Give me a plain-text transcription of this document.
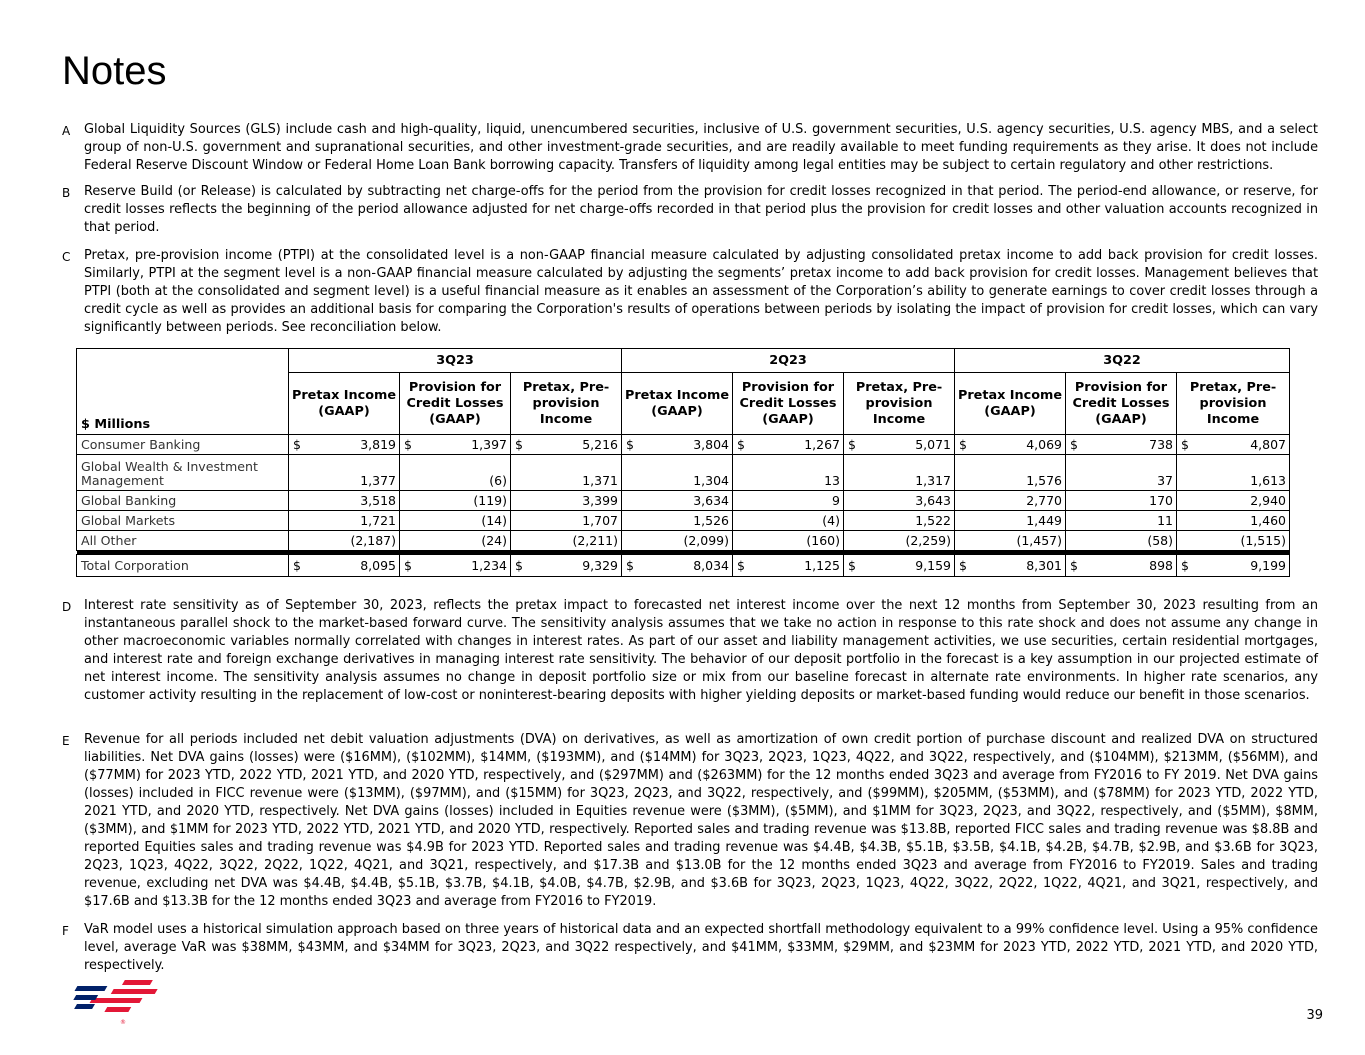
Notes
A	Global Liquidity Sources (GLS) include cash and high-quality, liquid, unencumbered securities, inclusive of U.S. government securities, U.S. agency securities, U.S. agency MBS, and a select group of non-U.S. government and supranational securities, and other investment-grade securities, and are readily available to meet funding requirements as they arise. It does not include Federal Reserve Discount Window or Federal Home Loan Bank borrowing capacity. Transfers of liquidity among legal entities may be subject to certain regulatory and other restrictions.
B	Reserve Build (or Release) is calculated by subtracting net charge-offs for the period from the provision for credit losses recognized in that period. The period-end allowance, or reserve, for credit losses reflects the beginning of the period allowance adjusted for net charge-offs recorded in that period plus the provision for credit losses and other valuation accounts recognized in that period.
C	Pretax, pre-provision income (PTPI) at the consolidated level is a non-GAAP financial measure calculated by adjusting consolidated pretax income to add back provision for credit losses. Similarly, PTPI at the segment level is a non-GAAP financial measure calculated by adjusting the segments’ pretax income to add back provision for credit losses. Management believes that PTPI (both at the consolidated and segment level) is a useful financial measure as it enables an assessment of the Corporation’s ability to generate earnings to cover credit losses through a credit cycle as well as provides an additional basis for comparing the Corporation's results of operations between periods by isolating the impact of provision for credit losses, which can vary significantly between periods. See reconciliation below.
$ Millions	3Q23			2Q23			3Q22		
	Pretax Income (GAAP)	Provision for Credit Losses (GAAP)	Pretax, Pre-provision Income	Pretax Income (GAAP)	Provision for Credit Losses (GAAP)	Pretax, Pre-provision Income	Pretax Income (GAAP)	Provision for Credit Losses (GAAP)	Pretax, Pre-provision Income
Consumer Banking	$ 3,819	$ 1,397	$ 5,216	$ 3,804	$ 1,267	$ 5,071	$ 4,069	$ 738	$ 4,807

Global Wealth & Investment Management	1,377	(6)	1,371	1,304	13	1,317	1,576	37	1,613

Global Banking	3,518	(119)	3,399	3,634	9	3,643	2,770	170	2,940

Global Markets	1,721	(14)	1,707	1,526	(4)	1,522	1,449	11	1,460

All Other	(2,187)	(24)	(2,211)	(2,099)	(160)	(2,259)	(1,457)	(58)	(1,515)

Total Corporation	$ 8,095	$ 1,234	$ 9,329	$ 8,034	$ 1,125	$ 9,159	$ 8,301	$ 898	$ 9,199
D Interest rate sensitivity as of September 30, 2023, reflects the pretax impact to forecasted net interest income over the next 12 months from September 30, 2023 resulting from an instantaneous parallel shock to the market-based forward curve. The sensitivity analysis assumes that we take no action in response to this rate shock and does not assume any change in other macroeconomic variables normally correlated with changes in interest rates. As part of our asset and liability management activities, we use securities, certain residential mortgages, and interest rate and foreign exchange derivatives in managing interest rate sensitivity. The behavior of our deposit portfolio in the forecast is a key assumption in our projected estimate of net interest income. The sensitivity analysis assumes no change in deposit portfolio size or mix from our baseline forecast in alternate rate environments. In higher rate scenarios, any customer activity resulting in the replacement of low-cost or noninterest-bearing deposits with higher yielding deposits or market-based funding would reduce our benefit in those scenarios.
E	Revenue for all periods included net debit valuation adjustments (DVA) on derivatives, as well as amortization of own credit portion of purchase discount and realized DVA on structured liabilities. Net DVA gains (losses) were ($16MM), ($102MM), $14MM, ($193MM), and ($14MM) for 3Q23, 2Q23, 1Q23, 4Q22, and 3Q22, respectively, and ($104MM), $213MM, ($56MM), and ($77MM) for 2023 YTD, 2022 YTD, 2021 YTD, and 2020 YTD, respectively, and ($297MM) and ($263MM) for the 12 months ended 3Q23 and average from FY2016 to FY 2019. Net DVA gains (losses) included in FICC revenue were ($13MM), ($97MM), and ($15MM) for 3Q23, 2Q23, and 3Q22, respectively, and ($99MM), $205MM, ($53MM), and ($78MM) for 2023 YTD, 2022 YTD, 2021 YTD, and 2020 YTD, respectively. Net DVA gains (losses) included in Equities revenue were ($3MM), ($5MM), and $1MM for 3Q23, 2Q23, and 3Q22, respectively, and ($5MM), $8MM, ($3MM), and $1MM for 2023 YTD, 2022 YTD, 2021 YTD, and 2020 YTD, respectively. Reported sales and trading revenue was $13.8B, reported FICC sales and trading revenue was $8.8B and reported Equities sales and trading revenue was $4.9B for 2023 YTD. Reported sales and trading revenue was $4.4B, $4.3B, $5.1B, $3.5B, $4.1B, $4.2B, $4.7B, $2.9B, and $3.6B for 3Q23, 2Q23, 1Q23, 4Q22, 3Q22, 2Q22, 1Q22, 4Q21, and 3Q21, respectively, and $17.3B and $13.0B for the 12 months ended 3Q23 and average from FY2016 to FY2019. Sales and trading revenue, excluding net DVA was $4.4B, $4.4B, $5.1B, $3.7B, $4.1B, $4.0B, $4.7B, $2.9B, and $3.6B for 3Q23, 2Q23, 1Q23, 4Q22, 3Q22, 2Q22, 1Q22, 4Q21, and 3Q21, respectively, and $17.6B and $13.3B for the 12 months ended 3Q23 and average from FY2016 to FY2019.
F	VaR model uses a historical simulation approach based on three years of historical data and an expected shortfall methodology equivalent to a 99% confidence level. Using a 95% confidence level, average VaR was $38MM, $43MM, and $34MM for 3Q23, 2Q23, and 3Q22 respectively, and $41MM, $33MM, $29MM, and $23MM for 2023 YTD, 2022 YTD, 2021 YTD, and 2020 YTD, respectively.
®	39
